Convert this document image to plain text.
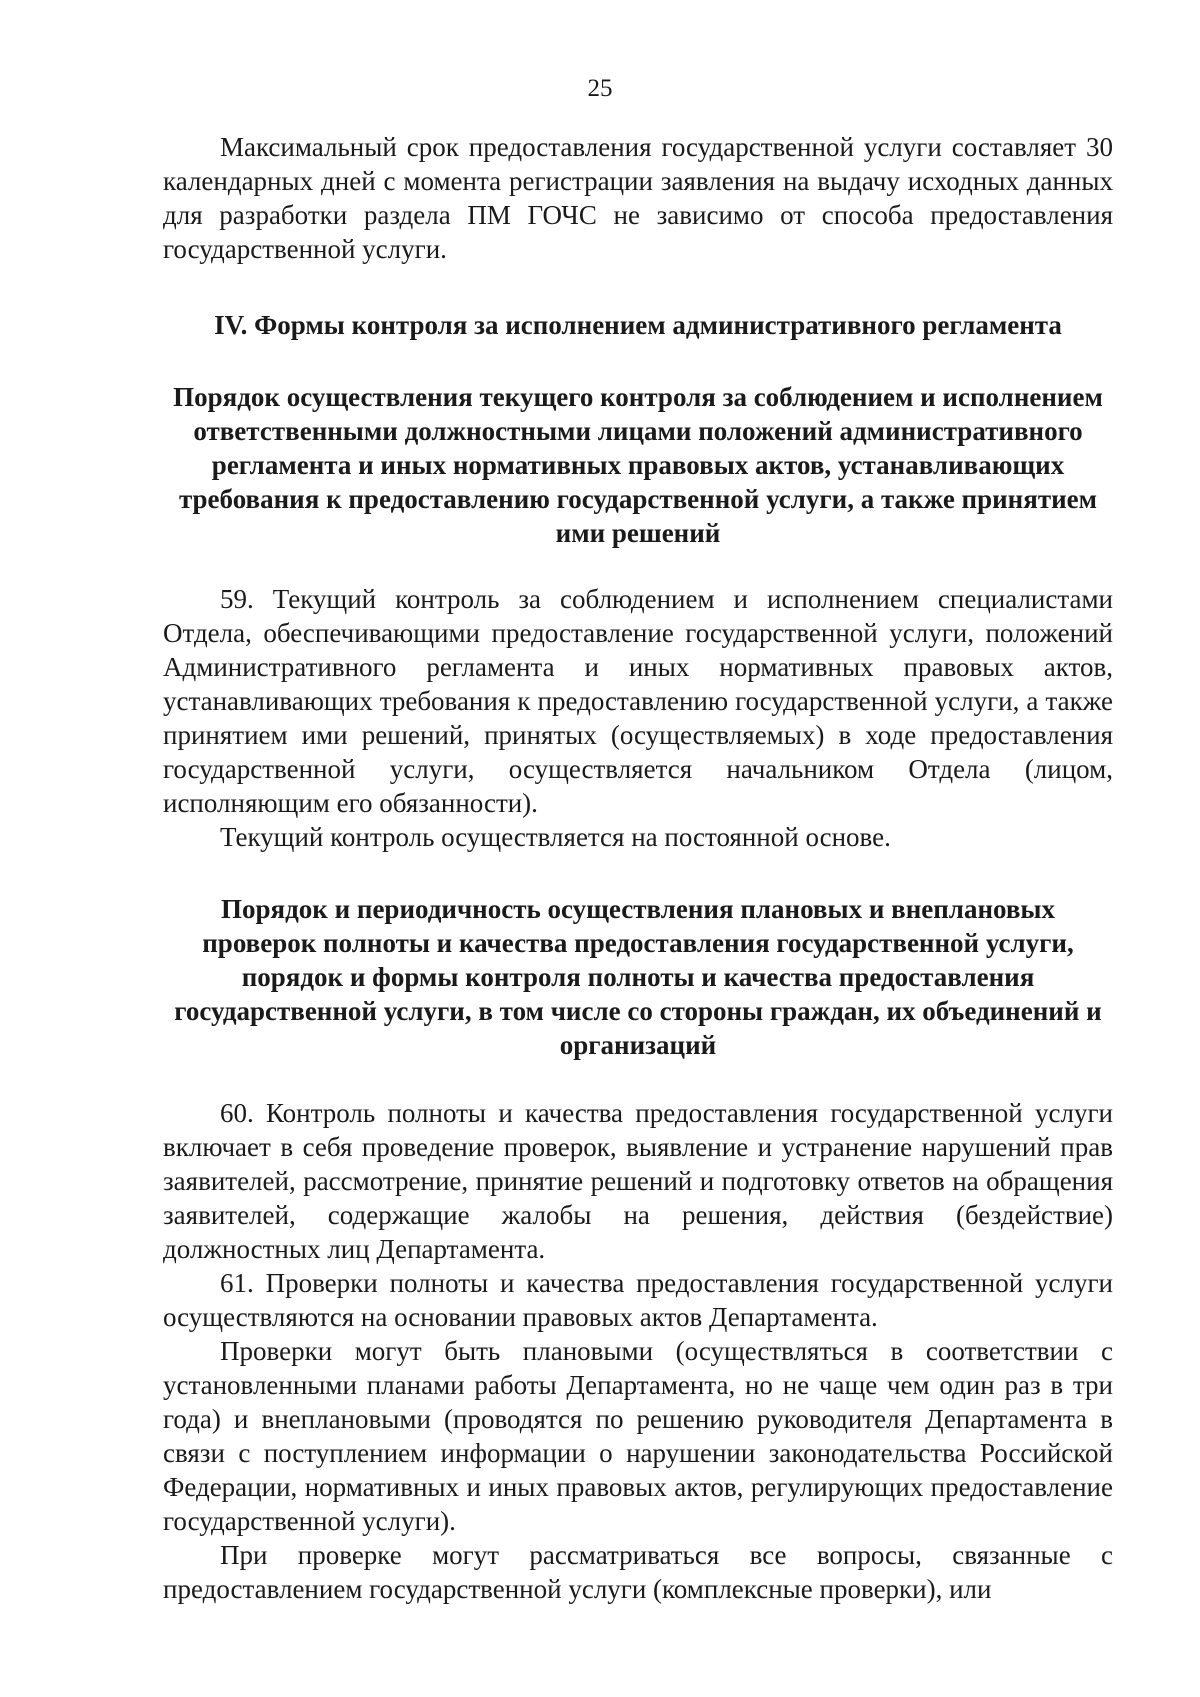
25

Максимальный срок предоставления государственной услуги составляет 30 календарных дней с момента регистрации заявления на выдачу исходных данных для разработки раздела ПМ ГОЧС не зависимо от способа предоставления государственной услуги.

IV. Формы контроля за исполнением административного регламента
Порядок осуществления текущего контроля за соблюдением и исполнением ответственными должностными лицами положений административного регламента и иных нормативных правовых актов, устанавливающих требования к предоставлению государственной услуги, а также принятием ими решений

59. Текущий контроль за соблюдением и исполнением специалистами Отдела, обеспечивающими предоставление государственной услуги, положений Административного регламента и иных нормативных правовых актов, устанавливающих требования к предоставлению государственной услуги, а также принятием ими решений, принятых (осуществляемых) в ходе предоставления государственной услуги, осуществляется начальником Отдела (лицом, исполняющим его обязанности).

Текущий контроль осуществляется на постоянной основе.

Порядок и периодичность осуществления плановых и внеплановых проверок полноты и качества предоставления государственной услуги, порядок и формы контроля полноты и качества предоставления государственной услуги, в том числе со стороны граждан, их объединений и организаций

60. Контроль полноты и качества предоставления государственной услуги включает в себя проведение проверок, выявление и устранение нарушений прав заявителей, рассмотрение, принятие решений и подготовку ответов на обращения заявителей, содержащие жалобы на решения, действия (бездействие) должностных лиц Департамента.

61. Проверки полноты и качества предоставления государственной услуги осуществляются на основании правовых актов Департамента.

Проверки могут быть плановыми (осуществляться в соответствии с установленными планами работы Департамента, но не чаще чем один раз в три года) и внеплановыми (проводятся по решению руководителя Департамента в связи с поступлением информации о нарушении законодательства Российской Федерации, нормативных и иных правовых актов, регулирующих предоставление государственной услуги).

При проверке могут рассматриваться все вопросы, связанные с предоставлением государственной услуги (комплексные проверки), или
